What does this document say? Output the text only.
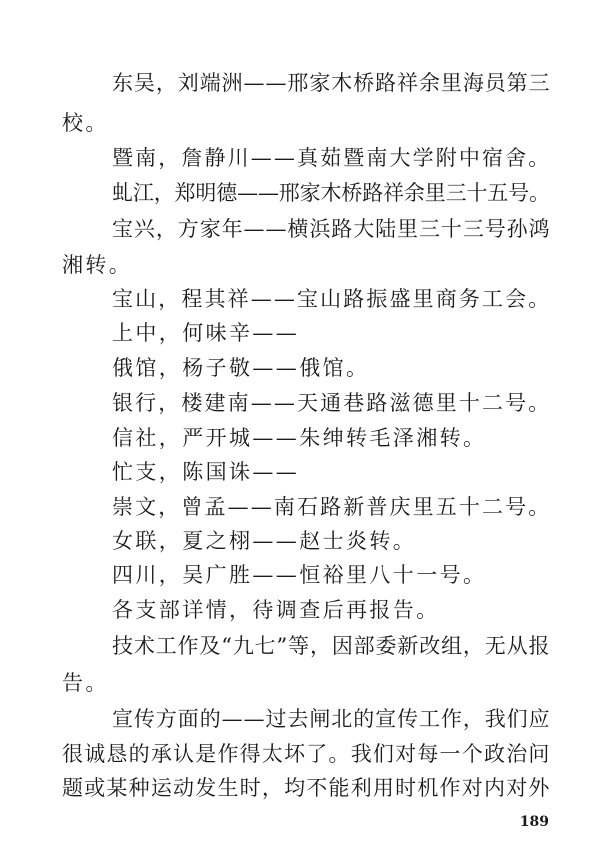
东吴，刘端洲——邢家木桥路祥余里海员第三
校。
暨南，詹静川——真茹暨南大学附中宿舍。
虬江，郑明德——邢家木桥路祥余里三十五号。
宝兴，方家年——横浜路大陆里三十三号孙鸿
湘转。
宝山，程其祥——宝山路振盛里商务工会。
上中，何味辛——
俄馆，杨子敬——俄馆。
银行，楼建南——天通巷路滋德里十二号。
信社，严开城——朱绅转毛泽湘转。
忙支，陈国诛——
崇文，曾孟——南石路新普庆里五十二号。
女联，夏之栩——赵士炎转。
四川，吴广胜——恒裕里八十一号。
各支部详情，待调查后再报告。
技术工作及“九七”等，因部委新改组，无从报
告。
宣传方面的——过去闸北的宣传工作，我们应
很诚恳的承认是作得太坏了。我们对每一个政治问
题或某种运动发生时，均不能利用时机作对内对外
189
